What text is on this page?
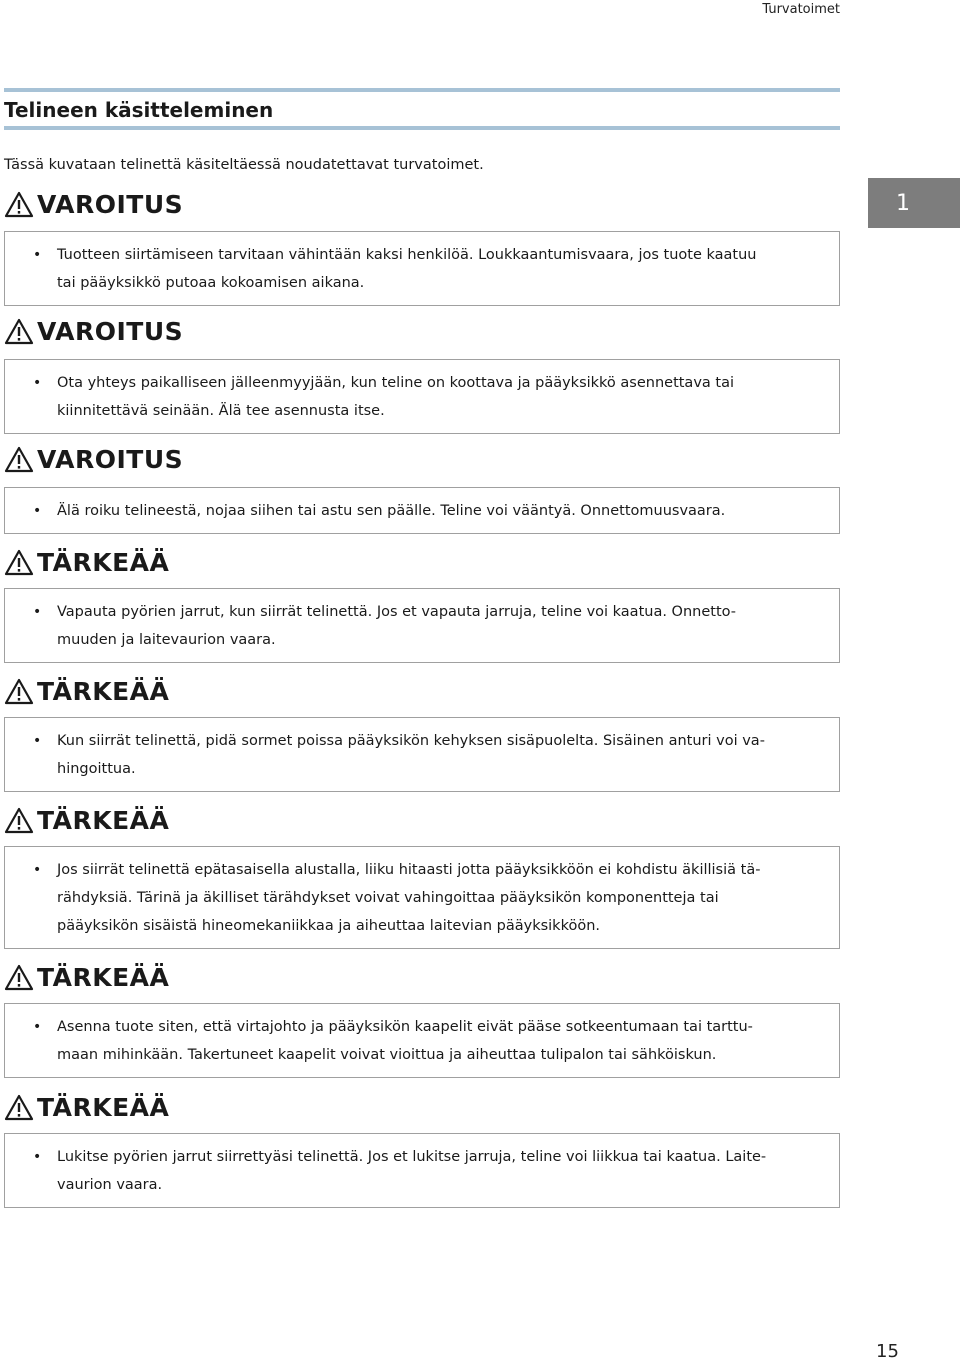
Turvatoimet
Telineen käsitteleminen
Tässä kuvataan telinettä käsiteltäessä noudatettavat turvatoimet.
1
VAROITUS
• Tuotteen siirtämiseen tarvitaan vähintään kaksi henkilöä. Loukkaantumisvaara, jos tuote kaatuu
tai pääyksikkö putoaa kokoamisen aikana.
VAROITUS
• Ota yhteys paikalliseen jälleenmyyjään, kun teline on koottava ja pääyksikkö asennettava tai
kiinnitettävä seinään. Älä tee asennusta itse.
VAROITUS
• Älä roiku telineestä, nojaa siihen tai astu sen päälle. Teline voi vääntyä. Onnettomuusvaara.
TÄRKEÄÄ
• Vapauta pyörien jarrut, kun siirrät telinettä. Jos et vapauta jarruja, teline voi kaatua. Onnetto-
muuden ja laitevaurion vaara.
TÄRKEÄÄ
• Kun siirrät telinettä, pidä sormet poissa pääyksikön kehyksen sisäpuolelta. Sisäinen anturi voi va-
hingoittua.
TÄRKEÄÄ
• Jos siirrät telinettä epätasaisella alustalla, liiku hitaasti jotta pääyksikköön ei kohdistu äkillisiä tä-
rähdyksiä. Tärinä ja äkilliset tärähdykset voivat vahingoittaa pääyksikön komponentteja tai
pääyksikön sisäistä hineomekaniikkaa ja aiheuttaa laitevian pääyksikköön.
TÄRKEÄÄ
• Asenna tuote siten, että virtajohto ja pääyksikön kaapelit eivät pääse sotkeentumaan tai tarttu-
maan mihinkään. Takertuneet kaapelit voivat vioittua ja aiheuttaa tulipalon tai sähköiskun.
TÄRKEÄÄ
• Lukitse pyörien jarrut siirrettyäsi telinettä. Jos et lukitse jarruja, teline voi liikkua tai kaatua. Laite-
vaurion vaara.
15
